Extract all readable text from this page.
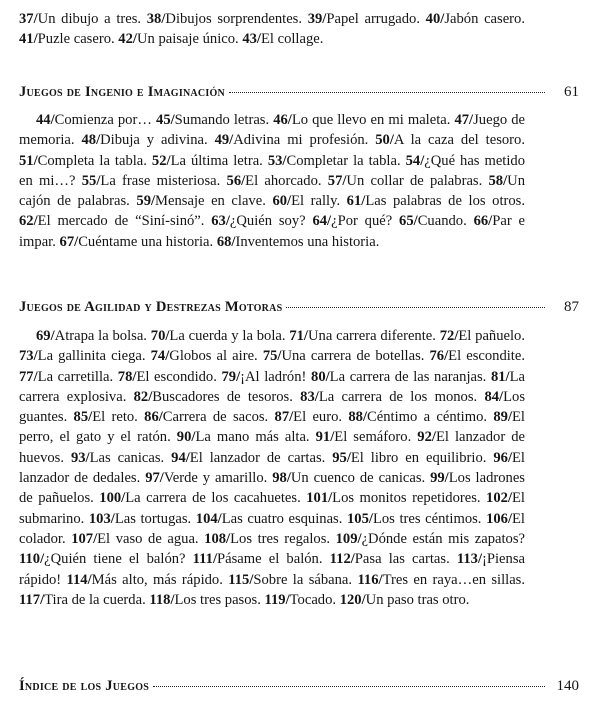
37/Un dibujo a tres. 38/Dibujos sorprendentes. 39/Papel arrugado. 40/Jabón casero. 41/Puzle casero. 42/Un paisaje único. 43/El collage.

Juegos de Ingenio e Imaginación	61

44/Comienza por… 45/Sumando letras. 46/Lo que llevo en mi maleta. 47/Juego de memoria. 48/Dibuja y adivina. 49/Adivina mi profesión. 50/A la caza del tesoro. 51/Completa la tabla. 52/La última letra. 53/Completar la tabla. 54/¿Qué has metido en mi…? 55/La frase misteriosa. 56/El ahorcado. 57/Un collar de palabras. 58/Un cajón de palabras. 59/Mensaje en clave. 60/El rally. 61/Las palabras de los otros. 62/El mercado de “Siní-sinó”. 63/¿Quién soy? 64/¿Por qué? 65/Cuando. 66/Par e impar. 67/Cuéntame una historia. 68/Inventemos una historia.

Juegos de Agilidad y Destrezas Motoras	87

69/Atrapa la bolsa. 70/La cuerda y la bola. 71/Una carrera diferente. 72/El pañuelo. 73/La gallinita ciega. 74/Globos al aire. 75/Una carrera de botellas. 76/El escondite. 77/La carretilla. 78/El escondido. 79/¡Al ladrón! 80/La carrera de las naranjas. 81/La carrera explosiva. 82/Buscadores de tesoros. 83/La carrera de los monos. 84/Los guantes. 85/El reto. 86/Carrera de sacos. 87/El euro. 88/Céntimo a céntimo. 89/El perro, el gato y el ratón. 90/La mano más alta. 91/El semáforo. 92/El lanzador de huevos. 93/Las canicas. 94/El lanzador de cartas. 95/El libro en equilibrio. 96/El lanzador de dedales. 97/Verde y amarillo. 98/Un cuenco de canicas. 99/Los ladrones de pañuelos. 100/La carrera de los cacahuetes. 101/Los monitos repetidores. 102/El submarino. 103/Las tortugas. 104/Las cuatro esquinas. 105/Los tres céntimos. 106/El colador. 107/El vaso de agua. 108/Los tres regalos. 109/¿Dónde están mis zapatos? 110/¿Quién tiene el balón? 111/Pásame el balón. 112/Pasa las cartas. 113/¡Piensa rápido! 114/Más alto, más rápido. 115/Sobre la sábana. 116/Tres en raya…en sillas. 117/Tira de la cuerda. 118/Los tres pasos. 119/Tocado. 120/Un paso tras otro.

Índice de los Juegos	140
